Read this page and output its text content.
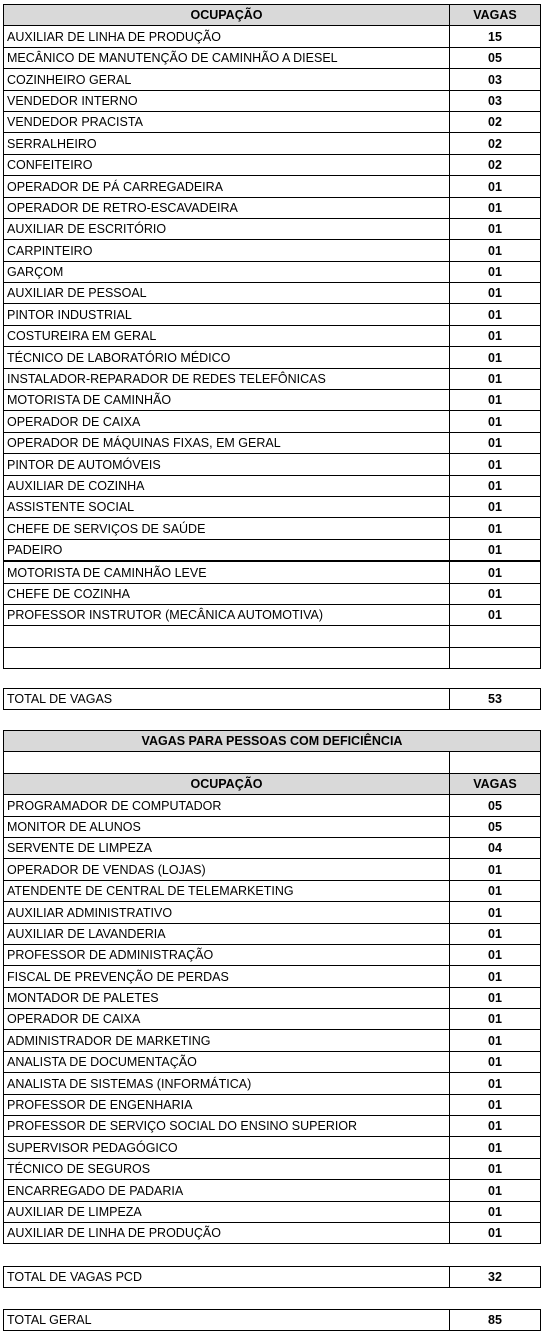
OCUPAÇÃO	VAGAS
AUXILIAR DE LINHA DE PRODUÇÃO	15
MECÂNICO DE MANUTENÇÃO DE CAMINHÃO A DIESEL	05
COZINHEIRO GERAL	03
VENDEDOR INTERNO	03
VENDEDOR PRACISTA	02
SERRALHEIRO	02
CONFEITEIRO	02
OPERADOR DE PÁ CARREGADEIRA	01
OPERADOR DE RETRO-ESCAVADEIRA	01
AUXILIAR DE ESCRITÓRIO	01
CARPINTEIRO	01
GARÇOM	01
AUXILIAR DE PESSOAL	01
PINTOR INDUSTRIAL	01
COSTUREIRA EM GERAL	01
TÉCNICO DE LABORATÓRIO MÉDICO	01
INSTALADOR-REPARADOR DE REDES TELEFÔNICAS	01
MOTORISTA DE CAMINHÃO	01
OPERADOR DE CAIXA	01
OPERADOR DE MÁQUINAS FIXAS, EM GERAL	01
PINTOR DE AUTOMÓVEIS	01
AUXILIAR DE COZINHA	01
ASSISTENTE SOCIAL	01
CHEFE DE SERVIÇOS DE SAÚDE	01
PADEIRO	01
MOTORISTA DE CAMINHÃO LEVE	01
CHEFE DE COZINHA	01
PROFESSOR INSTRUTOR (MECÂNICA AUTOMOTIVA)	01

TOTAL DE VAGAS	53
VAGAS PARA PESSOAS COM DEFICIÊNCIA	

OCUPAÇÃO	VAGAS
PROGRAMADOR DE COMPUTADOR	05
MONITOR DE ALUNOS	05
SERVENTE DE LIMPEZA	04
OPERADOR DE VENDAS (LOJAS)	01
ATENDENTE DE CENTRAL DE TELEMARKETING	01
AUXILIAR ADMINISTRATIVO	01
AUXILIAR DE LAVANDERIA	01
PROFESSOR DE ADMINISTRAÇÃO	01
FISCAL DE PREVENÇÃO DE PERDAS	01
MONTADOR DE PALETES	01
OPERADOR DE CAIXA	01
ADMINISTRADOR DE MARKETING	01
ANALISTA DE DOCUMENTAÇÃO	01
ANALISTA DE SISTEMAS (INFORMÁTICA)	01
PROFESSOR DE ENGENHARIA	01
PROFESSOR DE SERVIÇO SOCIAL DO ENSINO SUPERIOR	01
SUPERVISOR PEDAGÓGICO	01
TÉCNICO DE SEGUROS	01
ENCARREGADO DE PADARIA	01
AUXILIAR DE LIMPEZA	01
AUXILIAR DE LINHA DE PRODUÇÃO	01
TOTAL DE VAGAS PCD	32
TOTAL GERAL	85
